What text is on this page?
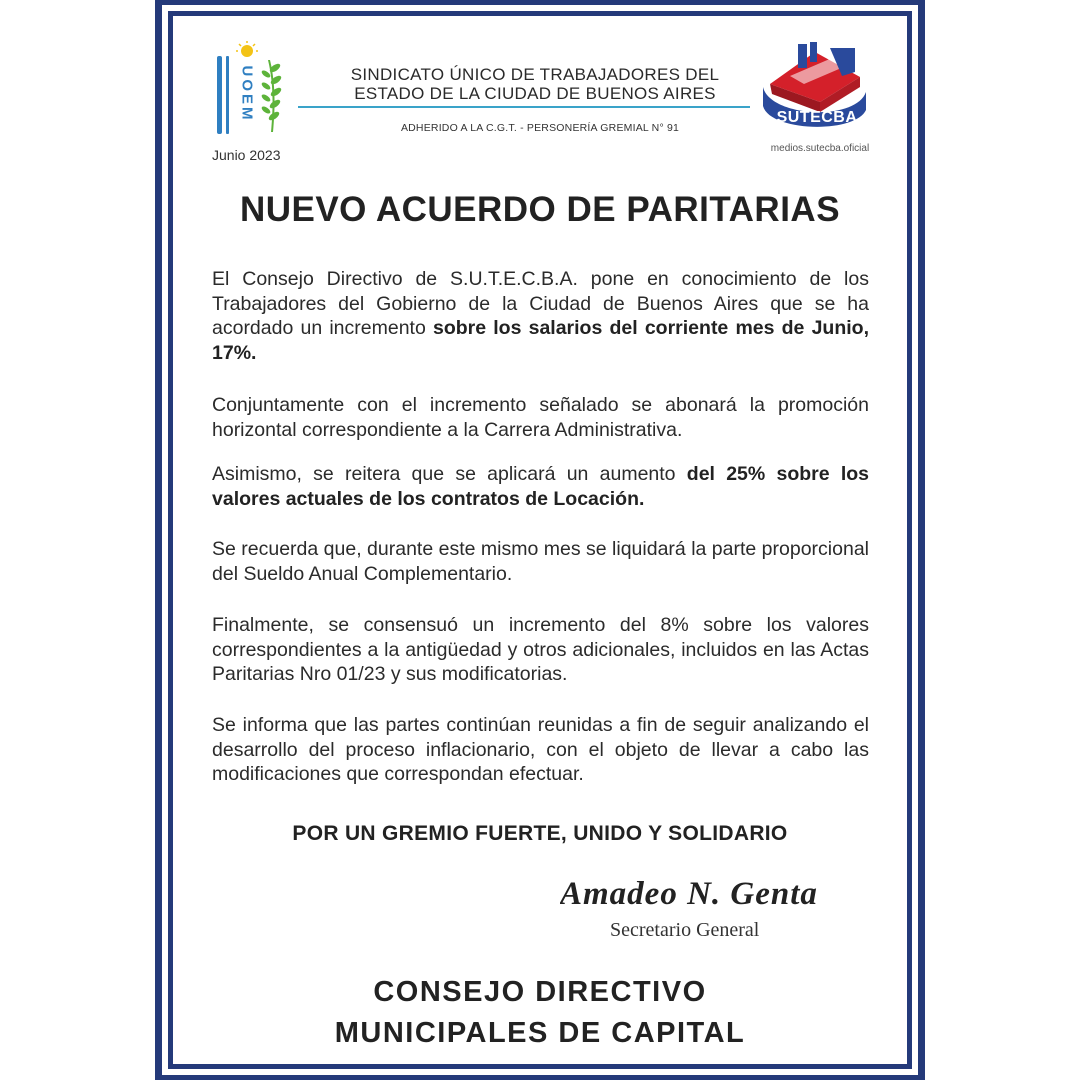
UOEM
Junio 2023
SINDICATO ÚNICO DE TRABAJADORES DEL
ESTADO DE LA CIUDAD DE BUENOS AIRES
ADHERIDO A LA C.G.T. - PERSONERÍA GREMIAL N° 91
SUTECBA
medios.sutecba.oficial
NUEVO ACUERDO DE PARITARIAS

El Consejo Directivo de S.U.T.E.C.B.A. pone en conocimiento de los Trabajadores del Gobierno de la Ciudad de Buenos Aires que se ha acordado un incremento sobre los salarios del corriente mes de Junio, 17%.

Conjuntamente con el incremento señalado se abonará la promoción horizontal correspondiente a la Carrera Administrativa.

Asimismo, se reitera que se aplicará un aumento del 25% sobre los valores actuales de los contratos de Locación.

Se recuerda que, durante este mismo mes se liquidará la parte proporcional del Sueldo Anual Complementario.

Finalmente, se consensuó un incremento del 8% sobre los valores correspondientes a la antigüedad y otros adicionales, incluidos en las Actas Paritarias Nro 01/23 y sus modificatorias.

Se informa que las partes continúan reunidas a fin de seguir analizando el desarrollo del proceso inflacionario, con el objeto de llevar a cabo las modificaciones que correspondan efectuar.

POR UN GREMIO FUERTE, UNIDO Y SOLIDARIO
Amadeo N. Genta
Secretario General
CONSEJO DIRECTIVO
MUNICIPALES DE CAPITAL
